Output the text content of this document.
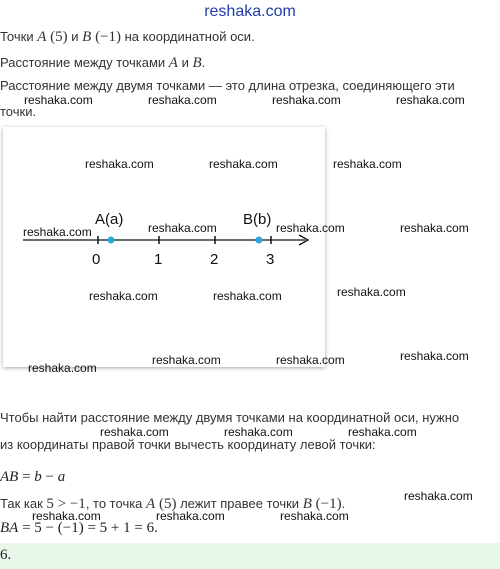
reshaka.com
Точки A (5) и B (−1) на координатной оси.
Расстояние между точками A и B.
Расстояние между двумя точками — это длина отрезка, соединяющего эти
точки.
A(a)	B(b)
0	1	2	3
Чтобы найти расстояние между двумя точками на координатной оси, нужно
из координаты правой точки вычесть координату левой точки:
AB = b − a
Так как 5 > −1, то точка A (5) лежит правее точки B (−1).
BA = 5 − (−1) = 5 + 1 = 6.
6.
reshaka.com	reshaka.com	reshaka.com	reshaka.com
reshaka.com	reshaka.com	reshaka.com
reshaka.com	reshaka.com	reshaka.com	reshaka.com
reshaka.com	reshaka.com	reshaka.com
reshaka.com
reshaka.com	reshaka.com	reshaka.com
reshaka.com	reshaka.com	reshaka.com
reshaka.com
reshaka.com	reshaka.com	reshaka.com
